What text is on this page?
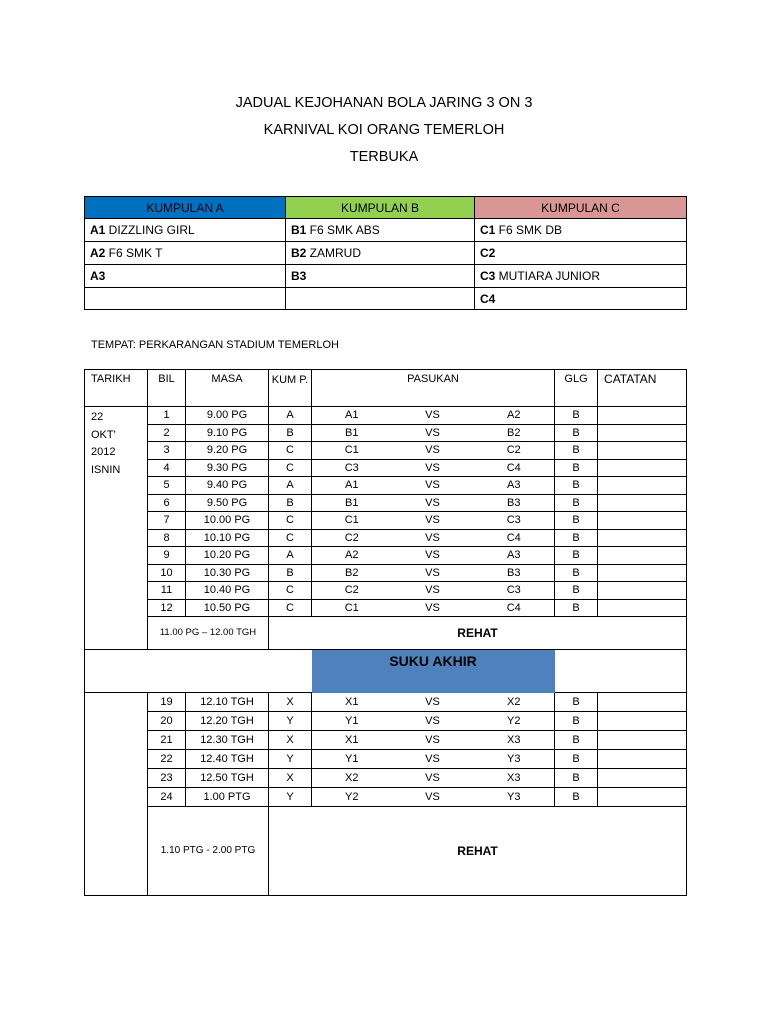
JADUAL KEJOHANAN BOLA JARING 3 ON 3
KARNIVAL KOI ORANG TEMERLOH
TERBUKA
KUMPULAN A	KUMPULAN B	KUMPULAN C
A1 DIZZLING GIRL	B1 F6 SMK ABS	C1 F6 SMK DB
A2 F6 SMK T	B2 ZAMRUD	C2
A3	B3	C3 MUTIARA JUNIOR
		C4
TEMPAT: PERKARANGAN STADIUM TEMERLOH
TARIKH	BIL	MASA	KUM P.	PASUKAN			GLG	CATATAN

22
OKT'
2012
ISNIN	1	9.00 PG	A	A1	VS	A2	B	
	2	9.10 PG	B	B1	VS	B2	B	
	3	9.20 PG	C	C1	VS	C2	B	
	4	9.30 PG	C	C3	VS	C4	B	
	5	9.40 PG	A	A1	VS	A3	B	
	6	9.50 PG	B	B1	VS	B3	B	
	7	10.00 PG	C	C1	VS	C3	B	
	8	10.10 PG	C	C2	VS	C4	B	
	9	10.20 PG	A	A2	VS	A3	B	
	10	10.30 PG	B	B2	VS	B3	B	
	11	10.40 PG	C	C2	VS	C3	B	
	12	10.50 PG	C	C1	VS	C4	B	
	11.00 PG – 12.00 TGH		REHAT					
				SUKU AKHIR				
	19	12.10 TGH	X	X1	VS	X2	B	
	20	12.20 TGH	Y	Y1	VS	Y2	B	
	21	12.30 TGH	X	X1	VS	X3	B	
	22	12.40 TGH	Y	Y1	VS	Y3	B	
	23	12.50 TGH	X	X2	VS	X3	B	
	24	1.00 PTG	Y	Y2	VS	Y3	B	
	1.10 PTG - 2.00 PTG		REHAT					
